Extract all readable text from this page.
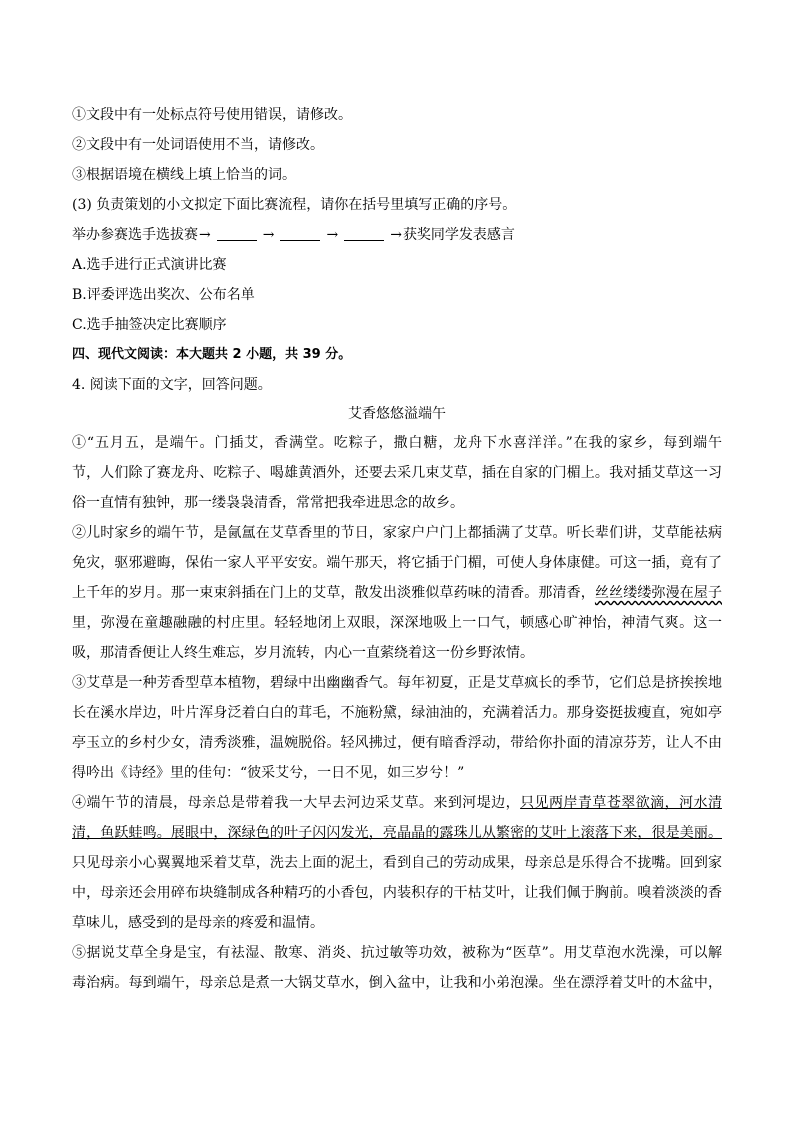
①文段中有一处标点符号使用错误，请修改。
②文段中有一处词语使用不当，请修改。
③根据语境在横线上填上恰当的词。
(3) 负责策划的小文拟定下面比赛流程，请你在括号里填写正确的序号。
举办参赛选手选拔赛 →	→	→	→ 获奖同学发表感言
A.选手进行正式演讲比赛
B.评委评选出奖次、公布名单
C.选手抽签决定比赛顺序
四、现代文阅读：本大题共 2 小题，共 39 分。
4. 阅读下面的文字，回答问题。
艾香悠悠溢端午
①“五月五，是端午。门插艾，香满堂。吃粽子，撒白糖，龙舟下水喜洋洋。”在我的家乡，每到端午
节，人们除了赛龙舟、吃粽子、喝雄黄酒外，还要去采几束艾草，插在自家的门楣上。我对插艾草这一习
俗一直情有独钟，那一缕袅袅清香，常常把我牵进思念的故乡。
②儿时家乡的端午节，是氤氲在艾草香里的节日，家家户户门上都插满了艾草。听长辈们讲，艾草能祛病
免灾，驱邪避晦，保佑一家人平平安安。端午那天，将它插于门楣，可使人身体康健。可这一插，竟有了
上千年的岁月。那一束束斜插在门上的艾草，散发出淡雅似草药味的清香。那清香，丝丝缕缕弥漫在屋子
里，弥漫在童趣融融的村庄里。轻轻地闭上双眼，深深地吸上一口气，顿感心旷神怡，神清气爽。这一
吸，那清香便让人终生难忘，岁月流转，内心一直萦绕着这一份乡野浓情。
③艾草是一种芳香型草本植物，碧绿中出幽幽香气。每年初夏，正是艾草疯长的季节，它们总是挤挨挨地
长在溪水岸边，叶片浑身泛着白白的茸毛，不施粉黛，绿油油的，充满着活力。那身姿挺拔瘦直，宛如亭
亭玉立的乡村少女，清秀淡雅，温婉脱俗。轻风拂过，便有暗香浮动，带给你扑面的清凉芬芳，让人不由
得吟出《诗经》里的佳句：“彼采艾兮，一日不见，如三岁兮！”
④端午节的清晨，母亲总是带着我一大早去河边采艾草。来到河堤边，只见两岸青草苍翠欲滴，河水清
清，鱼跃蛙鸣。展眼中，深绿色的叶子闪闪发光，亮晶晶的露珠儿从繁密的艾叶上滚落下来，很是美丽。
只见母亲小心翼翼地采着艾草，洗去上面的泥土，看到自己的劳动成果，母亲总是乐得合不拢嘴。回到家
中，母亲还会用碎布块缝制成各种精巧的小香包，内装积存的干枯艾叶，让我们佩于胸前。嗅着淡淡的香
草味儿，感受到的是母亲的疼爱和温情。
⑤据说艾草全身是宝，有祛湿、散寒、消炎、抗过敏等功效，被称为“医草”。用艾草泡水洗澡，可以解
毒治病。每到端午，母亲总是煮一大锅艾草水，倒入盆中，让我和小弟泡澡。坐在漂浮着艾叶的木盆中，
